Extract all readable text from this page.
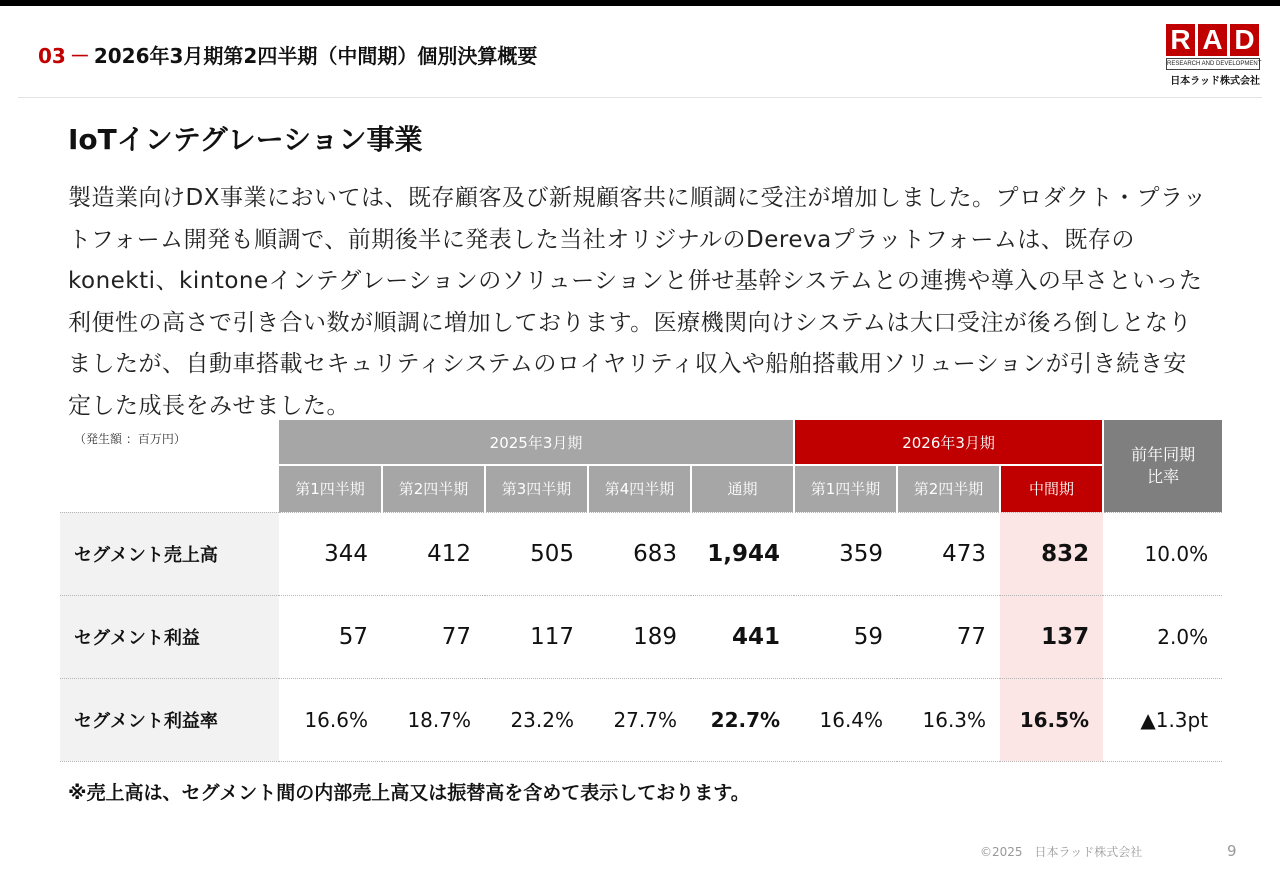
03 － 2026年3月期第2四半期（中間期）個別決算概要
R A D
RESEARCH AND DEVELOPMENT
日本ラッド株式会社
IoTインテグレーション事業
製造業向けDX事業においては、既存顧客及び新規顧客共に順調に受注が増加しました。プロダクト・プラットフォーム開発も順調で、前期後半に発表した当社オリジナルのDerevaプラットフォームは、既存のkonekti、kintoneインテグレーションのソリューションと併せ基幹システムとの連携や導入の早さといった利便性の高さで引き合い数が順調に増加しております。医療機関向けシステムは大口受注が後ろ倒しとなりましたが、自動車搭載セキュリティシステムのロイヤリティ収入や船舶搭載用ソリューションが引き続き安定した成長をみせました。
（発生額 ：百万円）
		2025年3月期					2026年3月期			前年同期
比率
	第1四半期	第2四半期	第3四半期	第4四半期	通期	第1四半期	第2四半期	中間期	
セグメント売上高	344	412	505	683	1,944	359	473	832	10.0%
セグメント利益	57	77	117	189	441	59	77	137	2.0%
セグメント利益率	16.6%	18.7%	23.2%	27.7%	22.7%	16.4%	16.3%	16.5%	▲1.3pt
※売上高は、セグメント間の内部売上高又は振替高を含めて表示しております。
©2025　日本ラッド株式会社	9
